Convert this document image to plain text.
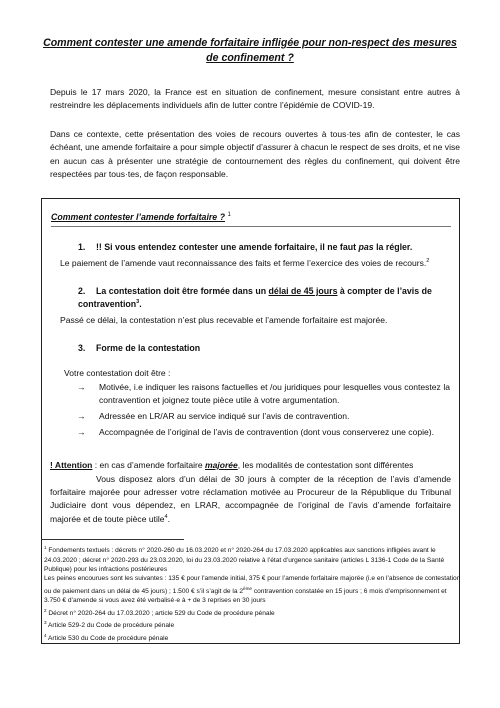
Comment contester une amende forfaitaire infligée pour non-respect des mesures de confinement ?
Depuis le 17 mars 2020, la France est en situation de confinement, mesure consistant entre autres à restreindre les déplacements individuels afin de lutter contre l’épidémie de COVID-19.
Dans ce contexte, cette présentation des voies de recours ouvertes à tous·tes afin de contester, le cas échéant, une amende forfaitaire a pour simple objectif d’assurer à chacun le respect de ses droits, et ne vise en aucun cas à présenter une stratégie de contournement des règles du confinement, qui doivent être respectées par tous·tes, de façon responsable.
Comment contester l’amende forfaitaire ? $^1$
1. !! Si vous entendez contester une amende forfaitaire, il ne faut pas la régler.
Le paiement de l’amende vaut reconnaissance des faits et ferme l’exercice des voies de recours.$^2$
2. La contestation doit être formée dans un délai de 45 jours à compter de l’avis de contravention$^3$.
Passé ce délai, la contestation n’est plus recevable et l’amende forfaitaire est majorée.
3. Forme de la contestation
Votre contestation doit être :
→ Motivée, i.e indiquer les raisons factuelles et /ou juridiques pour lesquelles vous contestez la contravention et joignez toute pièce utile à votre argumentation.
→ Adressée en LR/AR au service indiqué sur l’avis de contravention.
→ Accompagnée de l’original de l’avis de contravention (dont vous conserverez une copie).
! Attention : en cas d’amende forfaitaire majorée, les modalités de contestation sont différentes
Vous disposez alors d’un délai de 30 jours à compter de la réception de l’avis d’amende forfaitaire majorée pour adresser votre réclamation motivée au Procureur de la République du Tribunal Judiciaire dont vous dépendez, en LRAR, accompagnée de l’original de l’avis d’amende forfaitaire majorée et de toute pièce utile$^4$.

$^1$ Fondements textuels : décrets n° 2020-260 du 16.03.2020 et n° 2020-264 du 17.03.2020 applicables aux sanctions infligées avant le 24.03.2020 ; décret n° 2020-293 du 23.03.2020, loi du 23.03.2020 relative à l’état d’urgence sanitaire (articles L 3136-1 Code de la Santé Publique) pour les infractions postérieures

Les peines encourues sont les suivantes : 135 € pour l’amende initial, 375 € pour l’amende forfaitaire majorée (i.e en l’absence de contestation ou de paiement dans un délai de 45 jours) ; 1.500 € s’il s’agit de la 2ème contravention constatée en 15 jours ; 6 mois d’emprisonnement et 3.750 € d’amende si vous avez été verbalisé·e à + de 3 reprises en 30 jours

$^2$ Décret n° 2020-264 du 17.03.2020 ; article 529 du Code de procédure pénale

$^3$ Article 529-2 du Code de procédure pénale

$^4$ Article 530 du Code de procédure pénale
